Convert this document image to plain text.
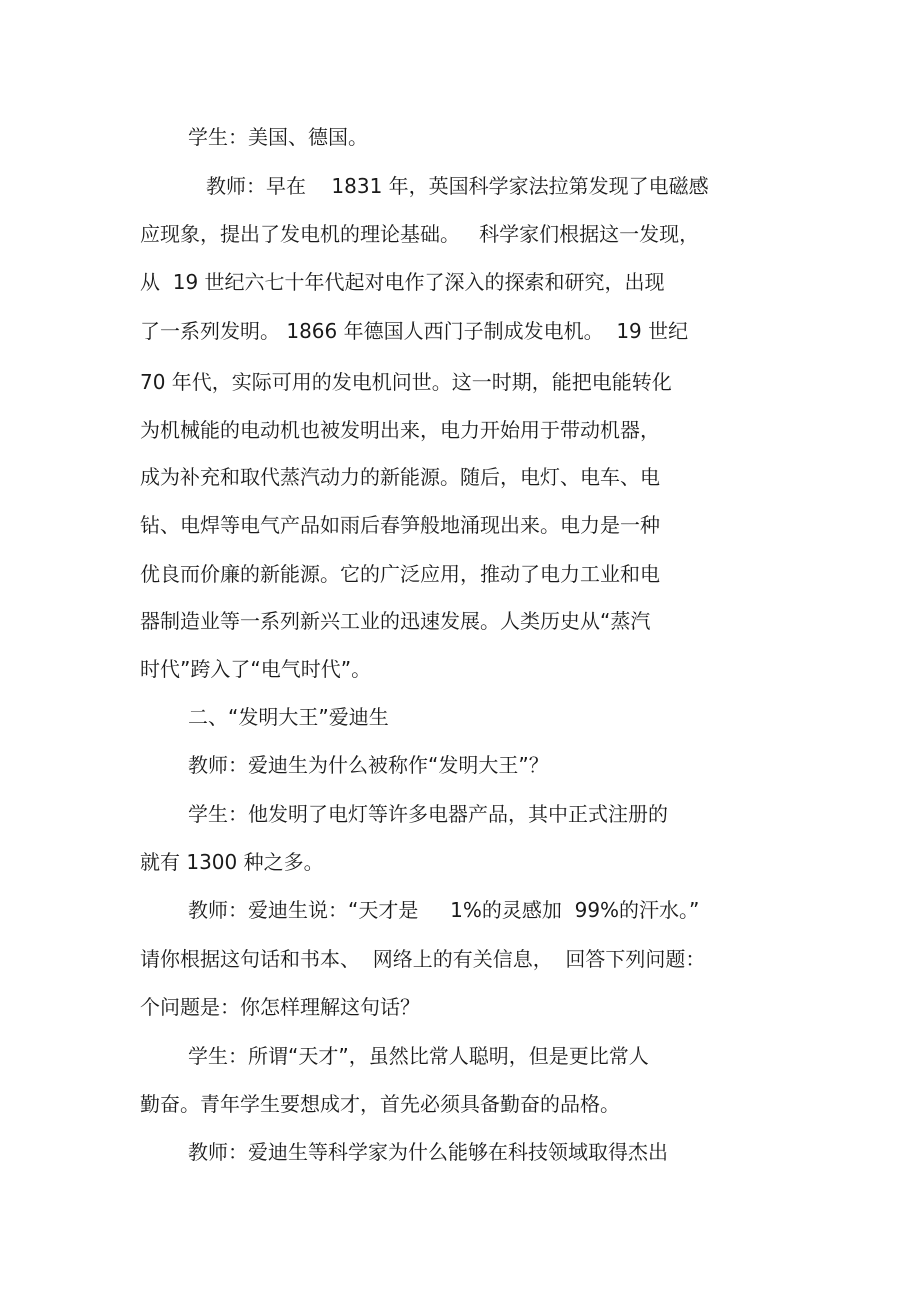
学生：美国、德国。
教师：早在    1831 年，英国科学家法拉第发现了电磁感
应现象，提出了发电机的理论基础。   科学家们根据这一发现，
从  19 世纪六七十年代起对电作了深入的探索和研究，出现
了一系列发明。 1866 年德国人西门子制成发电机。  19 世纪
70 年代，实际可用的发电机问世。这一时期，能把电能转化
为机械能的电动机也被发明出来，电力开始用于带动机器，
成为补充和取代蒸汽动力的新能源。随后，电灯、电车、电
钻、电焊等电气产品如雨后春笋般地涌现出来。电力是一种
优良而价廉的新能源。它的广泛应用，推动了电力工业和电
器制造业等一系列新兴工业的迅速发展。人类历史从“蒸汽
时代”跨入了“电气时代”。
二、“发明大王”爱迪生
教师：爱迪生为什么被称作“发明大王”？
学生：他发明了电灯等许多电器产品，其中正式注册的
就有 1300 种之多。
教师：爱迪生说：“天才是     1%的灵感加  99%的汗水。”
请你根据这句话和书本、  网络上的有关信息，  回答下列问题：
个问题是：你怎样理解这句话？
学生：所谓“天才”，虽然比常人聪明，但是更比常人
勤奋。青年学生要想成才，首先必须具备勤奋的品格。
教师：爱迪生等科学家为什么能够在科技领域取得杰出
